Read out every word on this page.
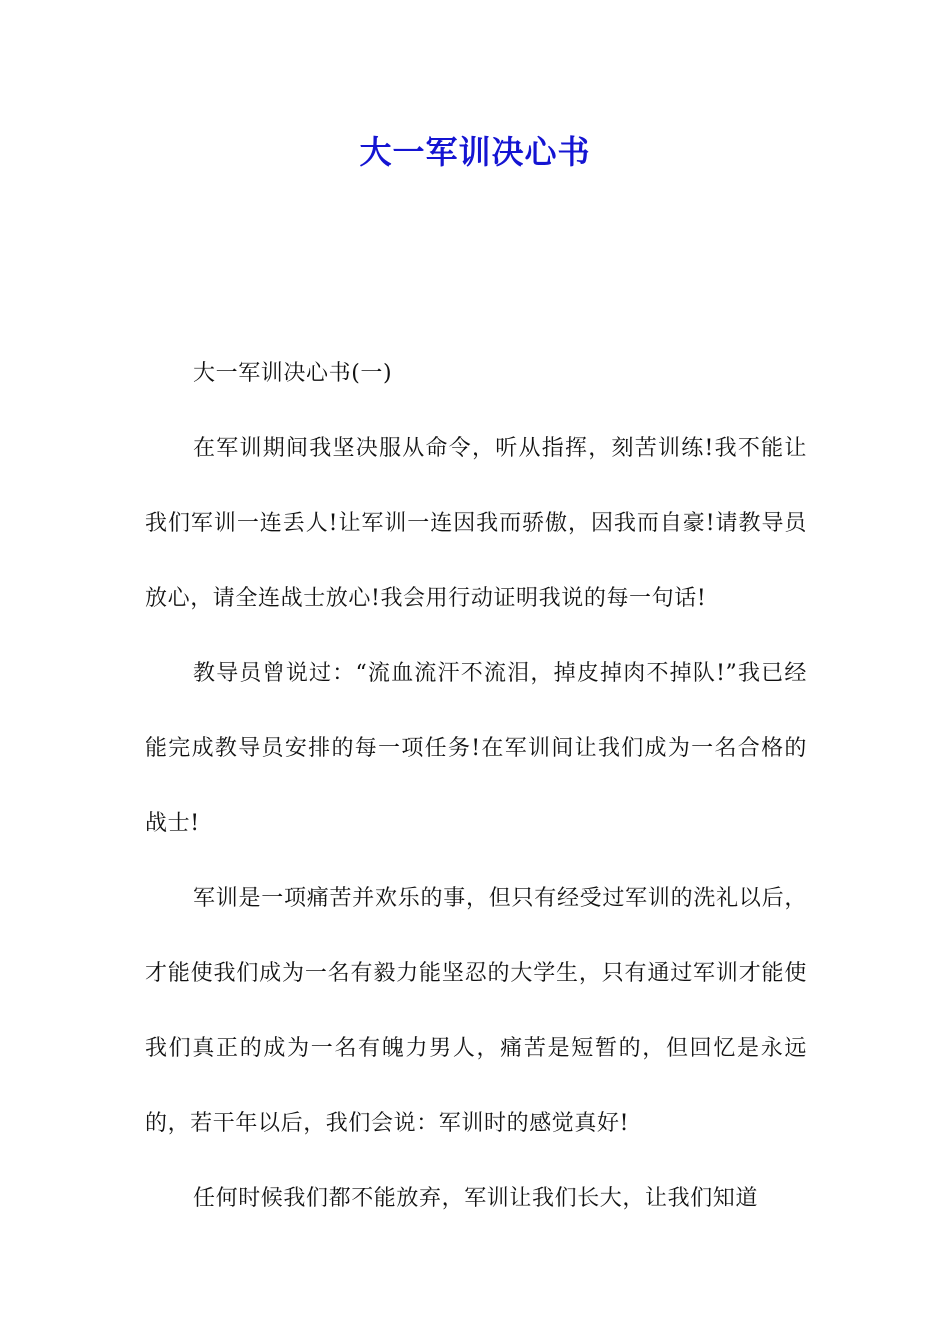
大一军训决心书

大一军训决心书(一)

在军训期间我坚决服从命令，听从指挥，刻苦训练!我不能让我们军训一连丢人!让军训一连因我而骄傲，因我而自豪!请教导员放心，请全连战士放心!我会用行动证明我说的每一句话!

教导员曾说过：“流血流汗不流泪，掉皮掉肉不掉队!”我已经能完成教导员安排的每一项任务!在军训间让我们成为一名合格的战士!

军训是一项痛苦并欢乐的事，但只有经受过军训的洗礼以后，才能使我们成为一名有毅力能坚忍的大学生，只有通过军训才能使我们真正的成为一名有魄力男人，痛苦是短暂的，但回忆是永远的，若干年以后，我们会说：军训时的感觉真好!

任何时候我们都不能放弃，军训让我们长大，让我们知道
